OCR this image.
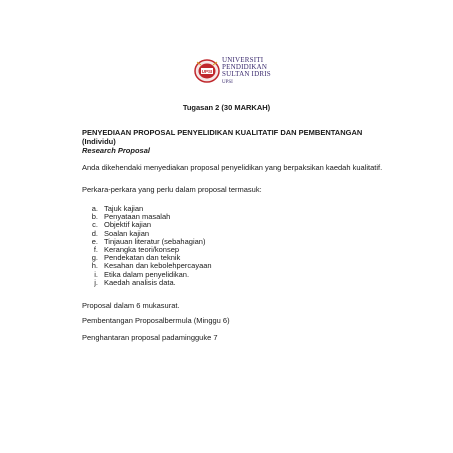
UPSI
UNIVERSITI PENDIDIKAN SULTAN IDRIS
UPSI
Tugasan 2 (30 MARKAH)
PENYEDIAAN PROPOSAL PENYELIDIKAN KUALITATIF DAN PEMBENTANGAN (Individu)
Research Proposal
Anda dikehendaki menyediakan proposal penyelidikan yang berpaksikan kaedah kualitatif.
Perkara-perkara yang perlu dalam proposal termasuk:
a. Tajuk kajian
b. Penyataan masalah
c. Objektif kajian
d. Soalan kajian
e. Tinjauan literatur (sebahagian)
f. Kerangka teori/konsep
g. Pendekatan dan teknik
h. Kesahan dan kebolehpercayaan
i. Etika dalam penyelidikan.
j. Kaedah analisis data.
Proposal dalam 6 mukasurat.
Pembentangan Proposalbermula (Minggu 6)
Penghantaran proposal padamingguke 7
